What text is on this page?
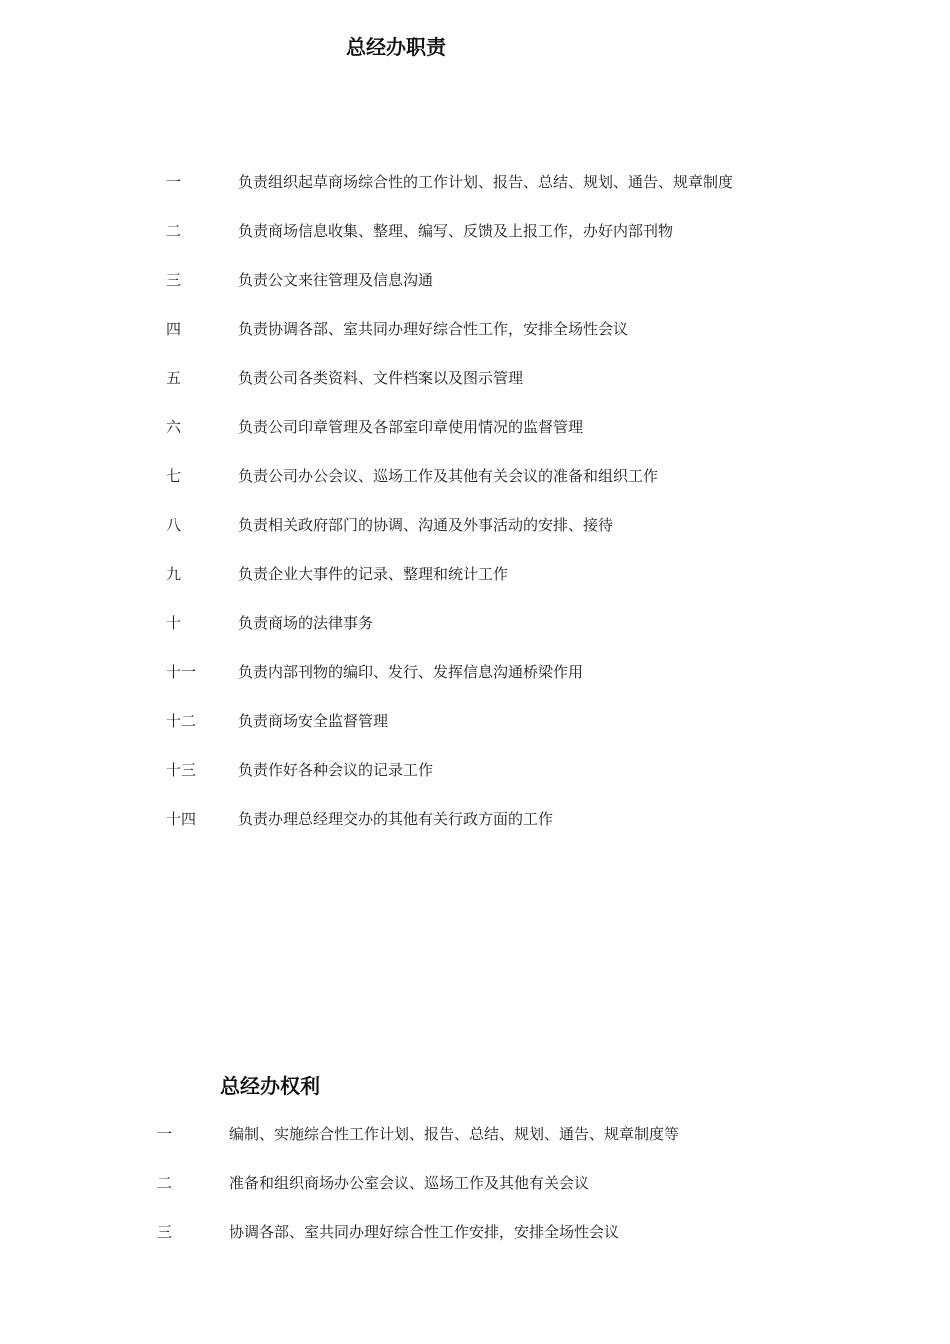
总经办职责
一	负责组织起草商场综合性的工作计划、报告、总结、规划、通告、规章制度
二	负责商场信息收集、整理、编写、反馈及上报工作，办好内部刊物
三	负责公文来往管理及信息沟通
四	负责协调各部、室共同办理好综合性工作，安排全场性会议
五	负责公司各类资料、文件档案以及图示管理
六	负责公司印章管理及各部室印章使用情况的监督管理
七	负责公司办公会议、巡场工作及其他有关会议的准备和组织工作
八	负责相关政府部门的协调、沟通及外事活动的安排、接待
九	负责企业大事件的记录、整理和统计工作
十	负责商场的法律事务
十一	负责内部刊物的编印、发行、发挥信息沟通桥梁作用
十二	负责商场安全监督管理
十三	负责作好各种会议的记录工作
十四	负责办理总经理交办的其他有关行政方面的工作
总经办权利
一	编制、实施综合性工作计划、报告、总结、规划、通告、规章制度等
二	准备和组织商场办公室会议、巡场工作及其他有关会议
三	协调各部、室共同办理好综合性工作安排，安排全场性会议
